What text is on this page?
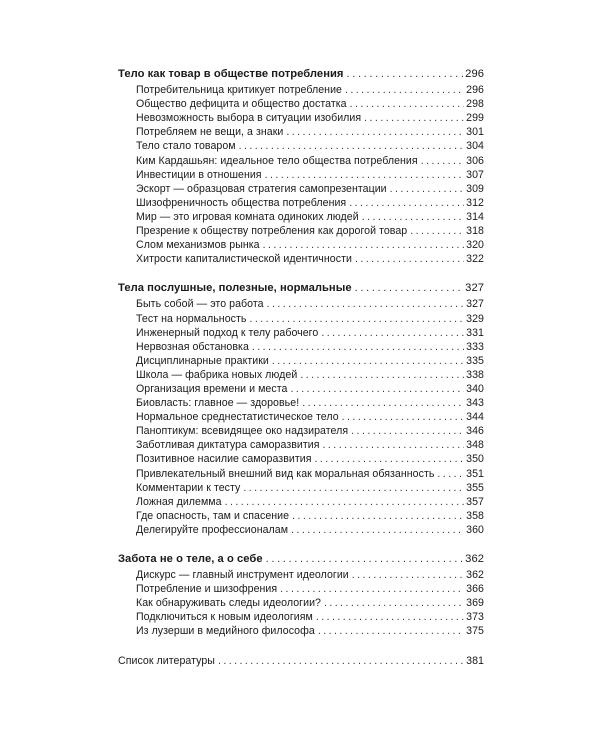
Тело как товар в обществе потребления . . .	296
Потребительница критикует потребление . . .	296
Общество дефицита и общество достатка . . .	298
Невозможность выбора в ситуации изобилия . . .	299
Потребляем не вещи, а знаки . . .	301
Тело стало товаром . . .	304
Ким Кардашьян: идеальное тело общества потребления . . .	306
Инвестиции в отношения . . .	307
Эскорт — образцовая стратегия самопрезентации . . .	309
Шизофреничность общества потребления . . .	312
Мир — это игровая комната одиноких людей . . .	314
Презрение к обществу потребления как дорогой товар . . .	318
Слом механизмов рынка . . .	320
Хитрости капиталистической идентичности . . .	322
Тела послушные, полезные, нормальные . . .	327
Быть собой — это работа . . .	327
Тест на нормальность . . .	329
Инженерный подход к телу рабочего . . .	331
Нервозная обстановка . . .	333
Дисциплинарные практики . . .	335
Школа — фабрика новых людей . . .	338
Организация времени и места . . .	340
Биовласть: главное — здоровье! . . .	343
Нормальное среднестатистическое тело . . .	344
Паноптикум: всевидящее око надзирателя . . .	346
Заботливая диктатура саморазвития . . .	348
Позитивное насилие саморазвития . . .	350
Привлекательный внешний вид как моральная обязанность . . .	351
Комментарии к тесту . . .	355
Ложная дилемма . . .	357
Где опасность, там и спасение . . .	358
Делегируйте профессионалам . . .	360
Забота не о теле, а о себе . . .	362
Дискурс — главный инструмент идеологии . . .	362
Потребление и шизофрения . . .	366
Как обнаруживать следы идеологии? . . .	369
Подключиться к новым идеологиям . . .	373
Из лузерши в медийного философа . . .	375
Список литературы . . .	381
